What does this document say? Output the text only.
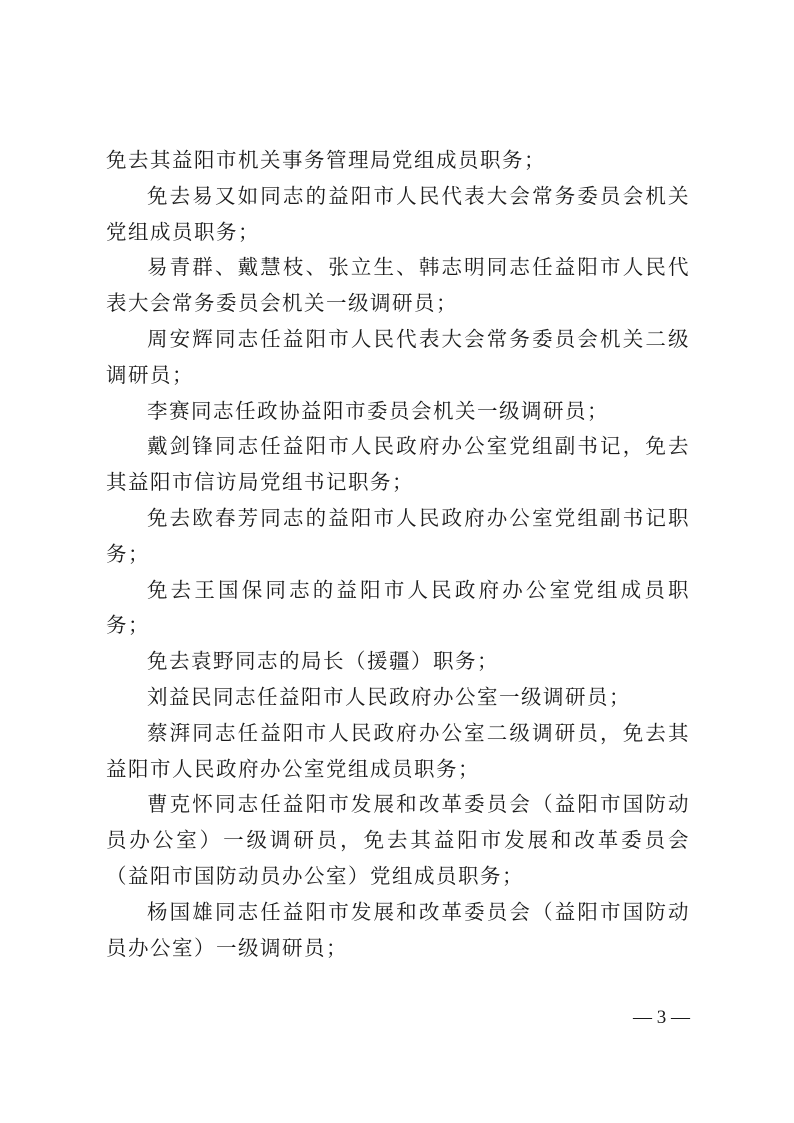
免去其益阳市机关事务管理局党组成员职务；

免去易又如同志的益阳市人民代表大会常务委员会机关党组成员职务；

易青群、戴慧枝、张立生、韩志明同志任益阳市人民代表大会常务委员会机关一级调研员；

周安辉同志任益阳市人民代表大会常务委员会机关二级调研员；

李赛同志任政协益阳市委员会机关一级调研员；

戴剑锋同志任益阳市人民政府办公室党组副书记，免去其益阳市信访局党组书记职务；

免去欧春芳同志的益阳市人民政府办公室党组副书记职务；

免去王国保同志的益阳市人民政府办公室党组成员职务；

免去袁野同志的局长（援疆）职务；

刘益民同志任益阳市人民政府办公室一级调研员；

蔡湃同志任益阳市人民政府办公室二级调研员，免去其益阳市人民政府办公室党组成员职务；

曹克怀同志任益阳市发展和改革委员会（益阳市国防动员办公室）一级调研员，免去其益阳市发展和改革委员会（益阳市国防动员办公室）党组成员职务；

杨国雄同志任益阳市发展和改革委员会（益阳市国防动员办公室）一级调研员；

— 3 —
